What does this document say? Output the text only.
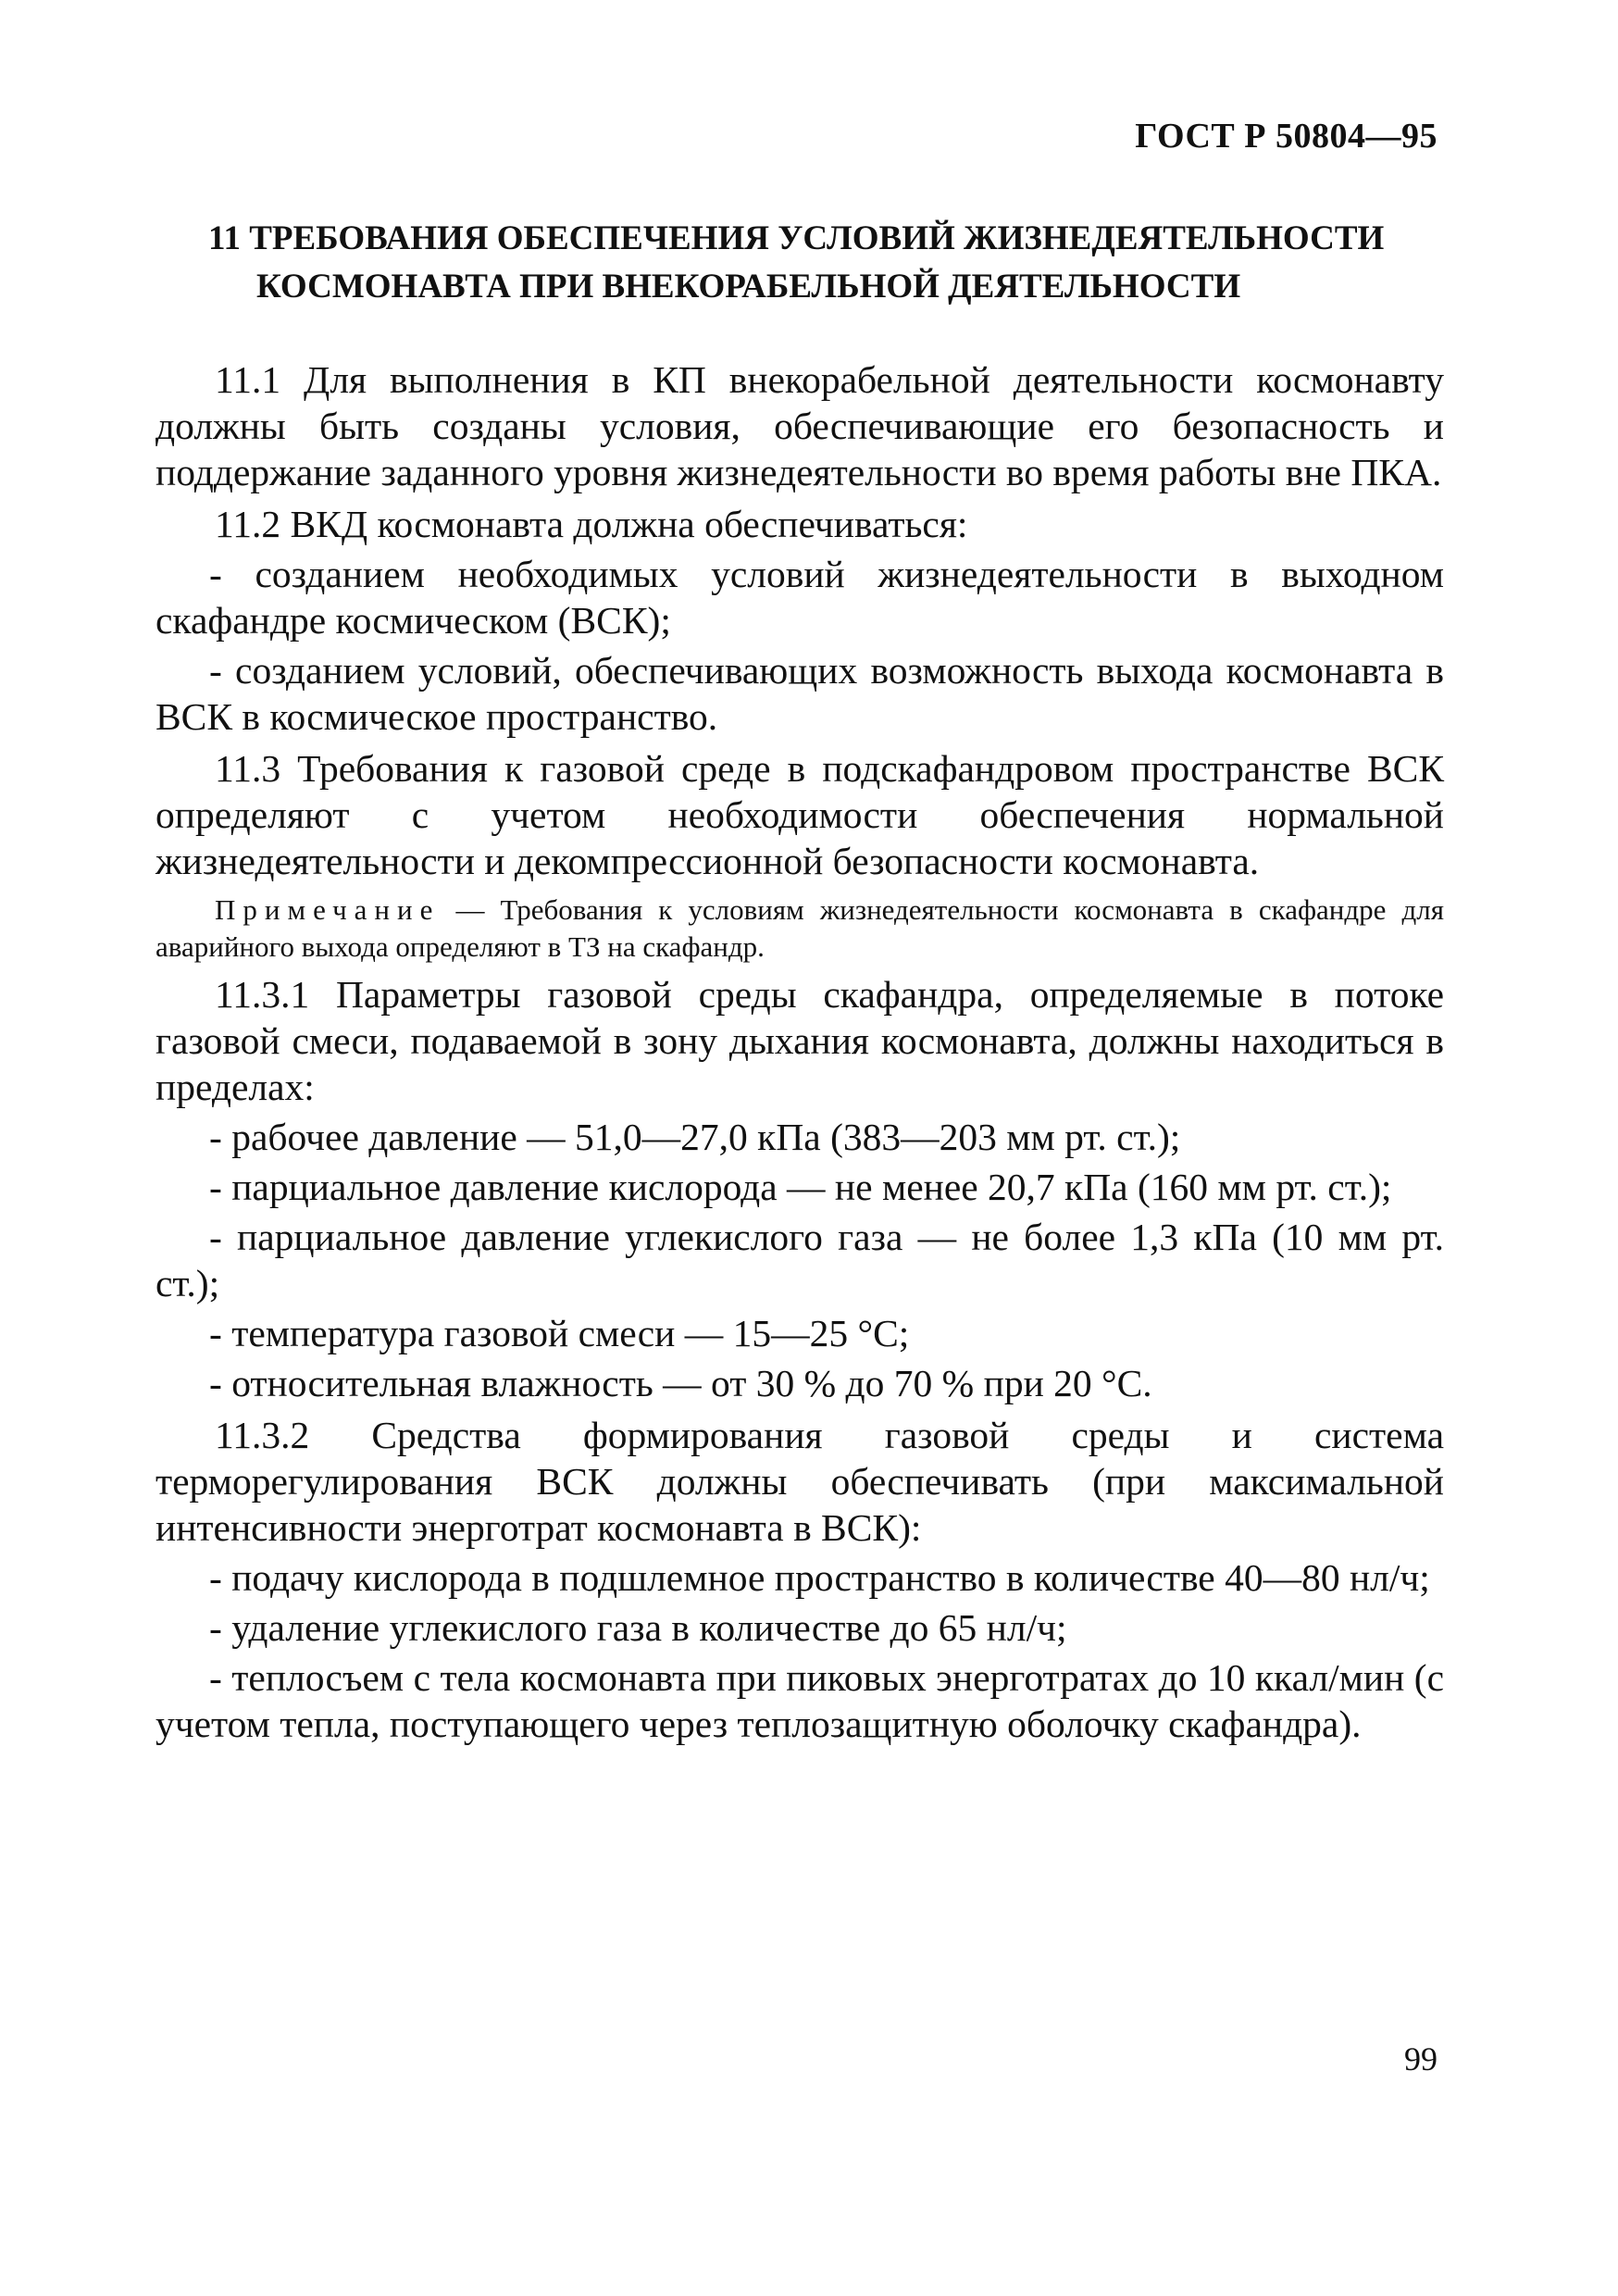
ГОСТ Р 50804—95
11 ТРЕБОВАНИЯ ОБЕСПЕЧЕНИЯ УСЛОВИЙ ЖИЗНЕДЕЯТЕЛЬНОСТИ
КОСМОНАВТА ПРИ ВНЕКОРАБЕЛЬНОЙ ДЕЯТЕЛЬНОСТИ

11.1 Для выполнения в КП внекорабельной деятельности космонавту должны быть созданы условия, обеспечивающие его безопасность и поддержание заданного уровня жизнедеятельности во время работы вне ПКА.

11.2 ВКД космонавта должна обеспечиваться:

- созданием необходимых условий жизнедеятельности в выходном скафандре космическом (ВСК);

- созданием условий, обеспечивающих возможность выхода космонавта в ВСК в космическое пространство.

11.3 Требования к газовой среде в подскафандровом пространстве ВСК определяют с учетом необходимости обеспечения нормальной жизнедеятельности и декомпрессионной безопасности космонавта.

Примечание — Требования к условиям жизнедеятельности космонавта в скафандре для аварийного выхода определяют в ТЗ на скафандр.

11.3.1 Параметры газовой среды скафандра, определяемые в потоке газовой смеси, подаваемой в зону дыхания космонавта, должны находиться в пределах:

- рабочее давление — 51,0—27,0 кПа (383—203 мм рт. ст.);

- парциальное давление кислорода — не менее 20,7 кПа (160 мм рт. ст.);

- парциальное давление углекислого газа — не более 1,3 кПа (10 мм рт. ст.);

- температура газовой смеси — 15—25 °С;

- относительная влажность — от 30 % до 70 % при 20 °С.

11.3.2 Средства формирования газовой среды и система терморегулирования ВСК должны обеспечивать (при максимальной интенсивности энерготрат космонавта в ВСК):

- подачу кислорода в подшлемное пространство в количестве 40—80 нл/ч;

- удаление углекислого газа в количестве до 65 нл/ч;

- теплосъем с тела космонавта при пиковых энерготратах до 10 ккал/мин (с учетом тепла, поступающего через теплозащитную оболочку скафандра).

99
